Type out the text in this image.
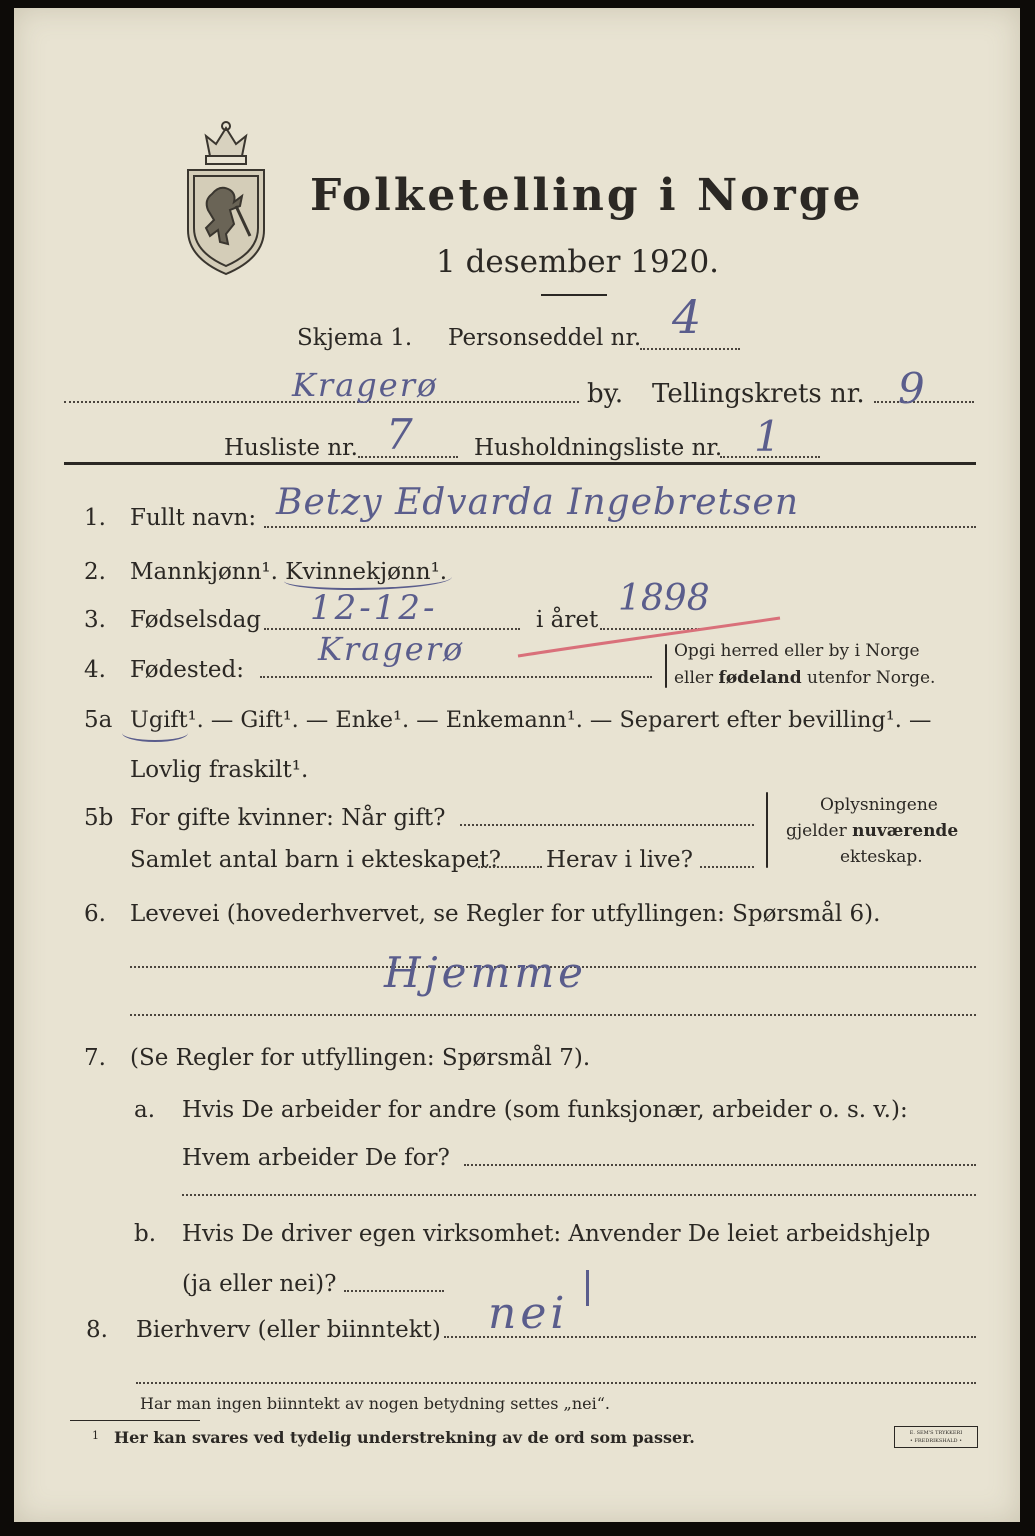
Folketelling i Norge
1 desember 1920.
Skjema 1. Personseddel nr. 4
Kragerø	by. Tellingskrets nr. 9
Husliste nr. 7	Husholdningsliste nr. 1
1. Fullt navn: Betzy Edvarda Ingebretsen
2. Mannkjønn¹. Kvinnekjønn¹.
3. Fødselsdag 12-12-	i året
1898
4. Fødested:
Kragerø	Opgi herred eller by i Norge
eller fødeland utenfor Norge.
5a Ugift¹. — Gift¹. — Enke¹. — Enkemann¹. — Separert efter bevilling¹. —
Lovlig fraskilt¹.
5b For gifte kvinner: Når gift?
Samlet antal barn i ekteskapet? Herav i live?
Oplysningene
gjelder nuværende
ekteskap.
6. Levevei (hovederhvervet, se Regler for utfyllingen: Spørsmål 6).
Hjemme
7. (Se Regler for utfyllingen: Spørsmål 7).
a. Hvis De arbeider for andre (som funksjonær, arbeider o. s. v.):
Hvem arbeider De for?
b. Hvis De driver egen virksomhet: Anvender De leiet arbeidshjelp
(ja eller nei)?
8. Bierhverv (eller biinntekt) nei
Har man ingen biinntekt av nogen betydning settes „nei“.
1 Her kan svares ved tydelig understrekning av de ord som passer.	E. SEM'S TRYKKERI
• FREDRIKSHALD •
